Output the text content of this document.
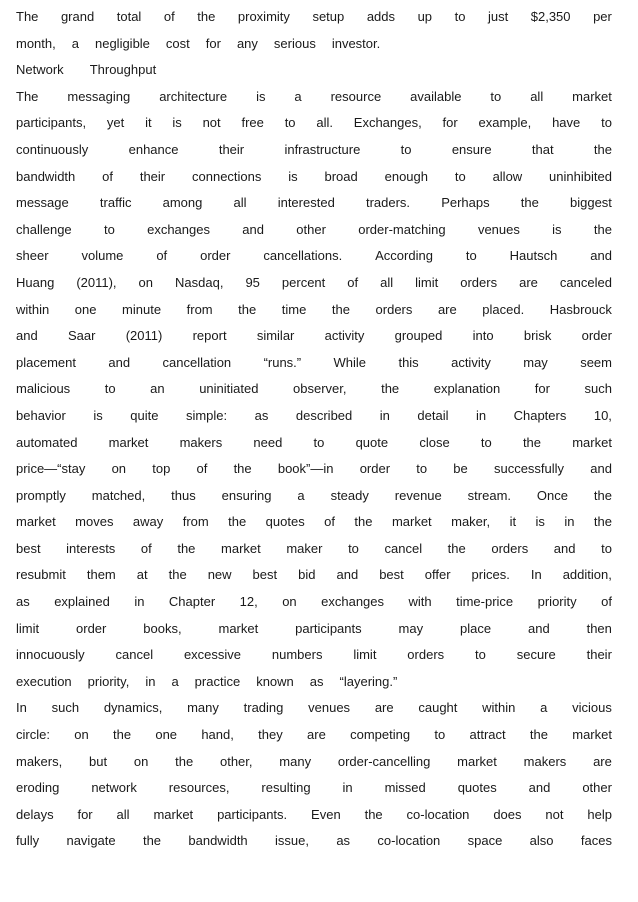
The grand total of the proximity setup adds up to just $2,350 per
month, a negligible cost for any serious investor.
Network Throughput
The messaging architecture is a resource available to all market
participants, yet it is not free to all. Exchanges, for example, have to
continuously	enhance	their	infrastructure	to	ensure	that	the
bandwidth of their connections is broad enough to allow uninhibited
message traffic among all interested traders. Perhaps the biggest
challenge to exchanges and other order-matching venues is the
sheer	volume	of	order	cancellations.	According	to	Hautsch	and
Huang (2011), on Nasdaq, 95 percent of all limit orders are canceled
within one minute from the time the orders are placed. Hasbrouck
and Saar (2011) report similar activity grouped into brisk order
placement and cancellation “runs.” While this activity may seem
malicious	to	an	uninitiated	observer,	the	explanation	for	such
behavior is quite simple: as described in detail in Chapters 10,
automated market makers need to quote close to the market
price—“stay on top of the book”—in order to be successfully and
promptly matched, thus ensuring a steady revenue stream. Once the
market moves away from the quotes of the market maker, it is in the
best interests of the market maker to cancel the orders and to
resubmit them at the new best bid and best offer prices. In addition,
as explained in Chapter 12, on exchanges with time-price priority of
limit	order	books,	market	participants	may	place	and	then
innocuously cancel excessive numbers limit orders to secure their
execution priority, in a practice known as “layering.”
In such dynamics, many trading venues are caught within a vicious
circle: on the one hand, they are competing to attract the market
makers, but on the other, many order-cancelling market makers are
eroding network resources, resulting in missed quotes and other
delays for all market participants. Even the co-location does not help
fully navigate the bandwidth issue, as co-location space also faces
